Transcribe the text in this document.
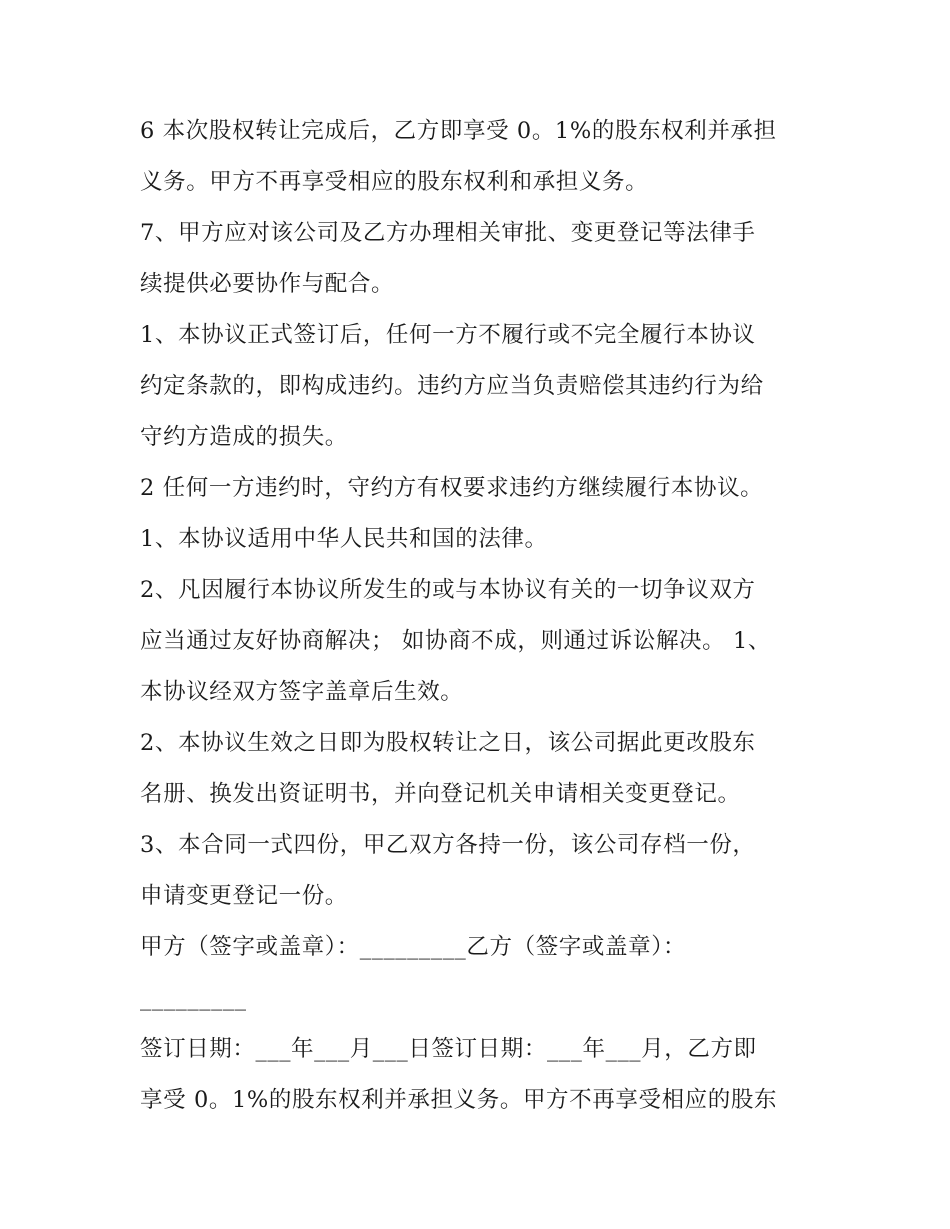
6 本次股权转让完成后，乙方即享受 0。1%的股东权利并承担
义务。甲方不再享受相应的股东权利和承担义务。
7、甲方应对该公司及乙方办理相关审批、变更登记等法律手
续提供必要协作与配合。
1、本协议正式签订后，任何一方不履行或不完全履行本协议
约定条款的，即构成违约。违约方应当负责赔偿其违约行为给
守约方造成的损失。
2 任何一方违约时，守约方有权要求违约方继续履行本协议。
1、本协议适用中华人民共和国的法律。
2、凡因履行本协议所发生的或与本协议有关的一切争议双方
应当通过友好协商解决； 如协商不成，则通过诉讼解决。 1、
本协议经双方签字盖章后生效。
2、本协议生效之日即为股权转让之日，该公司据此更改股东
名册、换发出资证明书，并向登记机关申请相关变更登记。
3、本合同一式四份，甲乙双方各持一份，该公司存档一份，
申请变更登记一份。
甲方（签字或盖章）：_________乙方（签字或盖章）：
_________
签订日期：___年___月___日签订日期：___年___月，乙方即
享受 0。1%的股东权利并承担义务。甲方不再享受相应的股东
